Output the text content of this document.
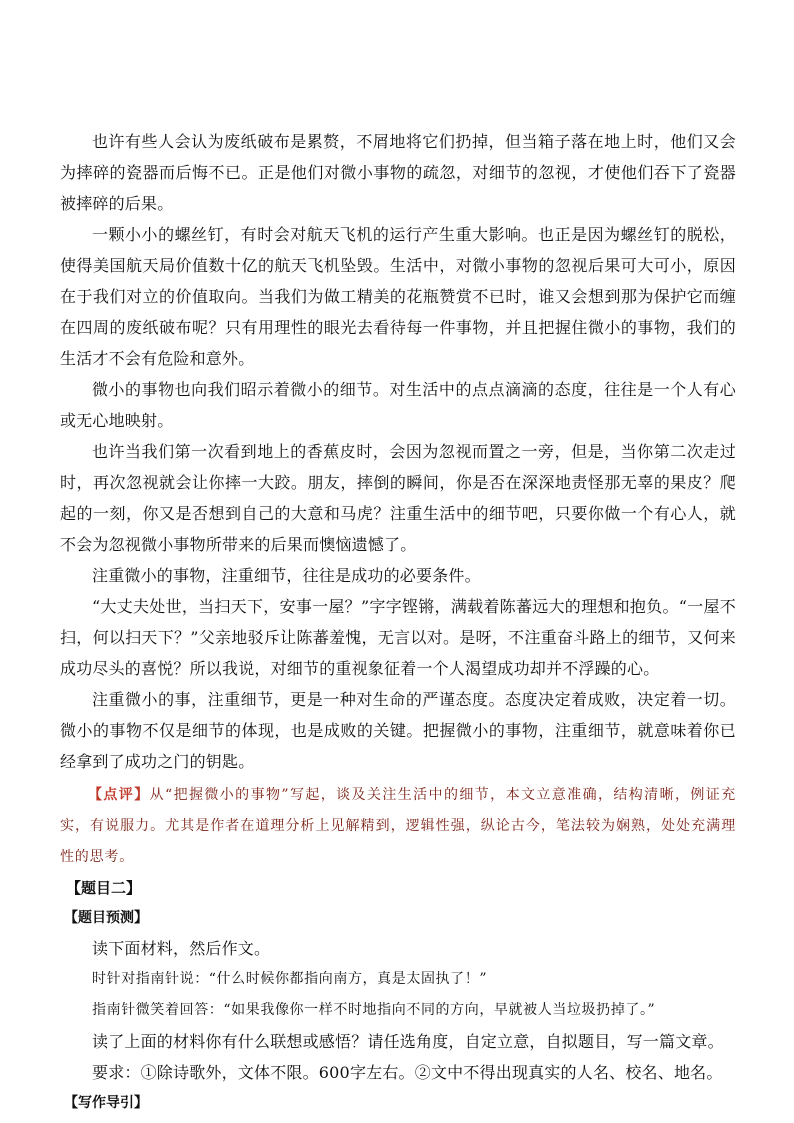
也许有些人会认为废纸破布是累赘，不屑地将它们扔掉，但当箱子落在地上时，他们又会为摔碎的瓷器而后悔不已。正是他们对微小事物的疏忽，对细节的忽视，才使他们吞下了瓷器被摔碎的后果。

一颗小小的螺丝钉，有时会对航天飞机的运行产生重大影响。也正是因为螺丝钉的脱松，使得美国航天局价值数十亿的航天飞机坠毁。生活中，对微小事物的忽视后果可大可小，原因在于我们对立的价值取向。当我们为做工精美的花瓶赞赏不已时，谁又会想到那为保护它而缠在四周的废纸破布呢？只有用理性的眼光去看待每一件事物，并且把握住微小的事物，我们的生活才不会有危险和意外。

微小的事物也向我们昭示着微小的细节。对生活中的点点滴滴的态度，往往是一个人有心或无心地映射。

也许当我们第一次看到地上的香蕉皮时，会因为忽视而置之一旁，但是，当你第二次走过时，再次忽视就会让你摔一大跤。朋友，摔倒的瞬间，你是否在深深地责怪那无辜的果皮？爬起的一刻，你又是否想到自己的大意和马虎？注重生活中的细节吧，只要你做一个有心人，就不会为忽视微小事物所带来的后果而懊恼遗憾了。

注重微小的事物，注重细节，往往是成功的必要条件。

“大丈夫处世，当扫天下，安事一屋？”字字铿锵，满载着陈蕃远大的理想和抱负。“一屋不扫，何以扫天下？”父亲地驳斥让陈蕃羞愧，无言以对。是呀，不注重奋斗路上的细节，又何来成功尽头的喜悦？所以我说，对细节的重视象征着一个人渴望成功却并不浮躁的心。

注重微小的事，注重细节，更是一种对生命的严谨态度。态度决定着成败，决定着一切。微小的事物不仅是细节的体现，也是成败的关键。把握微小的事物，注重细节，就意味着你已经拿到了成功之门的钥匙。

【点评】从“把握微小的事物”写起，谈及关注生活中的细节，本文立意准确，结构清晰，例证充实，有说服力。尤其是作者在道理分析上见解精到，逻辑性强，纵论古今，笔法较为娴熟，处处充满理性的思考。

【题目二】

【题目预测】

读下面材料，然后作文。

时针对指南针说：“什么时候你都指向南方，真是太固执了！”

指南针微笑着回答：“如果我像你一样不时地指向不同的方向，早就被人当垃圾扔掉了。”

读了上面的材料你有什么联想或感悟？请任选角度，自定立意，自拟题目，写一篇文章。

要求：①除诗歌外，文体不限。600字左右。②文中不得出现真实的人名、校名、地名。

【写作导引】
